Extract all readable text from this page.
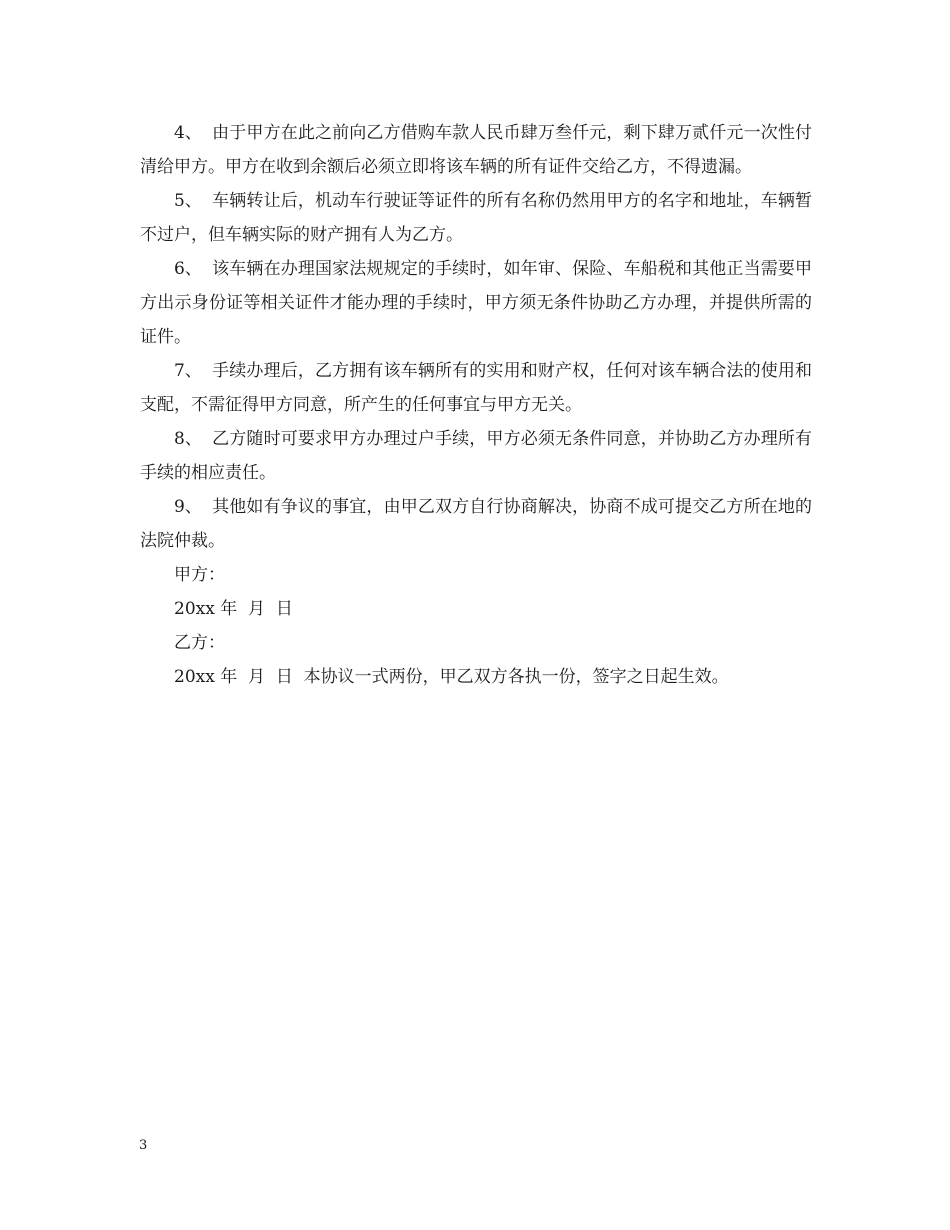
4、 由于甲方在此之前向乙方借购车款人民币肆万叁仟元，剩下肆万贰仟元一次性付清给甲方。甲方在收到余额后必须立即将该车辆的所有证件交给乙方，不得遗漏。

5、 车辆转让后，机动车行驶证等证件的所有名称仍然用甲方的名字和地址，车辆暂不过户，但车辆实际的财产拥有人为乙方。

6、 该车辆在办理国家法规规定的手续时，如年审、保险、车船税和其他正当需要甲方出示身份证等相关证件才能办理的手续时，甲方须无条件协助乙方办理，并提供所需的证件。

7、 手续办理后，乙方拥有该车辆所有的实用和财产权，任何对该车辆合法的使用和支配，不需征得甲方同意，所产生的任何事宜与甲方无关。

8、 乙方随时可要求甲方办理过户手续，甲方必须无条件同意，并协助乙方办理所有手续的相应责任。

9、 其他如有争议的事宜，由甲乙双方自行协商解决，协商不成可提交乙方所在地的法院仲裁。

甲方：

20xx 年  月  日

乙方：

20xx 年  月  日  本协议一式两份，甲乙双方各执一份，签字之日起生效。

3
